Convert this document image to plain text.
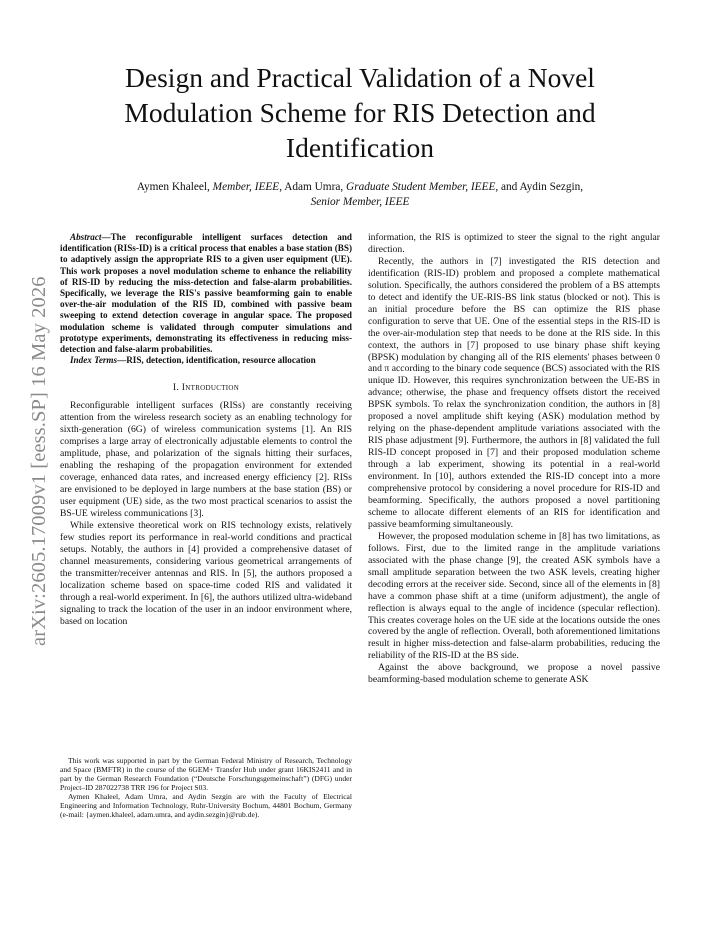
arXiv:2605.17009v1 [eess.SP] 16 May 2026
Design and Practical Validation of a Novel Modulation Scheme for RIS Detection and Identification
Aymen Khaleel, Member, IEEE, Adam Umra, Graduate Student Member, IEEE, and Aydin Sezgin,
Senior Member, IEEE

Abstract—The reconfigurable intelligent surfaces detection and identification (RISs-ID) is a critical process that enables a base station (BS) to adaptively assign the appropriate RIS to a given user equipment (UE). This work proposes a novel modulation scheme to enhance the reliability of RIS-ID by reducing the miss-detection and false-alarm probabilities. Specifically, we leverage the RIS's passive beamforming gain to enable over-the-air modulation of the RIS ID, combined with passive beam sweeping to extend detection coverage in angular space. The proposed modulation scheme is validated through computer simulations and prototype experiments, demonstrating its effectiveness in reducing miss-detection and false-alarm probabilities.

Index Terms—RIS, detection, identification, resource allocation

I. Introduction

Reconfigurable intelligent surfaces (RISs) are constantly receiving attention from the wireless research society as an enabling technology for sixth-generation (6G) of wireless communication systems [1]. An RIS comprises a large array of electronically adjustable elements to control the amplitude, phase, and polarization of the signals hitting their surfaces, enabling the reshaping of the propagation environment for extended coverage, enhanced data rates, and increased energy efficiency [2]. RISs are envisioned to be deployed in large numbers at the base station (BS) or user equipment (UE) side, as the two most practical scenarios to assist the BS-UE wireless communications [3].

While extensive theoretical work on RIS technology exists, relatively few studies report its performance in real-world conditions and practical setups. Notably, the authors in [4] provided a comprehensive dataset of channel measurements, considering various geometrical arrangements of the transmitter/receiver antennas and RIS. In [5], the authors proposed a localization scheme based on space-time coded RIS and validated it through a real-world experiment. In [6], the authors utilized ultra-wideband signaling to track the location of the user in an indoor environment where, based on location

This work was supported in part by the German Federal Ministry of Research, Technology and Space (BMFTR) in the course of the 6GEM+ Transfer Hub under grant 16KIS2411 and in part by the German Research Foundation (“Deutsche Forschungsgemeinschaft”) (DFG) under Project–ID 287022738 TRR 196 for Project S03.

Aymen Khaleel, Adam Umra, and Aydin Sezgin are with the Faculty of Electrical Engineering and Information Technology, Ruhr-University Bochum, 44801 Bochum, Germany (e-mail: {aymen.khaleel, adam.umra, and aydin.sezgin}@rub.de).

information, the RIS is optimized to steer the signal to the right angular direction.

Recently, the authors in [7] investigated the RIS detection and identification (RIS-ID) problem and proposed a complete mathematical solution. Specifically, the authors considered the problem of a BS attempts to detect and identify the UE-RIS-BS link status (blocked or not). This is an initial procedure before the BS can optimize the RIS phase configuration to serve that UE. One of the essential steps in the RIS-ID is the over-air-modulation step that needs to be done at the RIS side. In this context, the authors in [7] proposed to use binary phase shift keying (BPSK) modulation by changing all of the RIS elements' phases between 0 and π according to the binary code sequence (BCS) associated with the RIS unique ID. However, this requires synchronization between the UE-BS in advance; otherwise, the phase and frequency offsets distort the received BPSK symbols. To relax the synchronization condition, the authors in [8] proposed a novel amplitude shift keying (ASK) modulation method by relying on the phase-dependent amplitude variations associated with the RIS phase adjustment [9]. Furthermore, the authors in [8] validated the full RIS-ID concept proposed in [7] and their proposed modulation scheme through a lab experiment, showing its potential in a real-world environment. In [10], authors extended the RIS-ID concept into a more comprehensive protocol by considering a novel procedure for RIS-ID and beamforming. Specifically, the authors proposed a novel partitioning scheme to allocate different elements of an RIS for identification and passive beamforming simultaneously.

However, the proposed modulation scheme in [8] has two limitations, as follows. First, due to the limited range in the amplitude variations associated with the phase change [9], the created ASK symbols have a small amplitude separation between the two ASK levels, creating higher decoding errors at the receiver side. Second, since all of the elements in [8] have a common phase shift at a time (uniform adjustment), the angle of reflection is always equal to the angle of incidence (specular reflection). This creates coverage holes on the UE side at the locations outside the ones covered by the angle of reflection. Overall, both aforementioned limitations result in higher miss-detection and false-alarm probabilities, reducing the reliability of the RIS-ID at the BS side.

Against the above background, we propose a novel passive beamforming-based modulation scheme to generate ASK
